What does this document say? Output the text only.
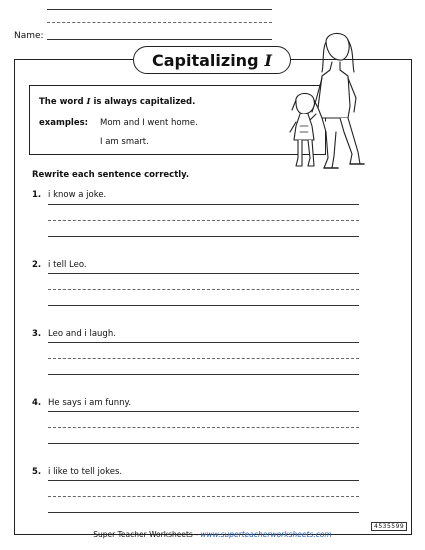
Name:
Capitalizing I
The word I is always capitalized.
examples: Mom and I went home.
I am smart.
Rewrite each sentence correctly.
1. i know a joke.
2. i tell Leo.
3. Leo and i laugh.
4. He says i am funny.
5. i like to tell jokes.
4535599
Super Teacher Worksheets - www.superteacherworksheets.com
